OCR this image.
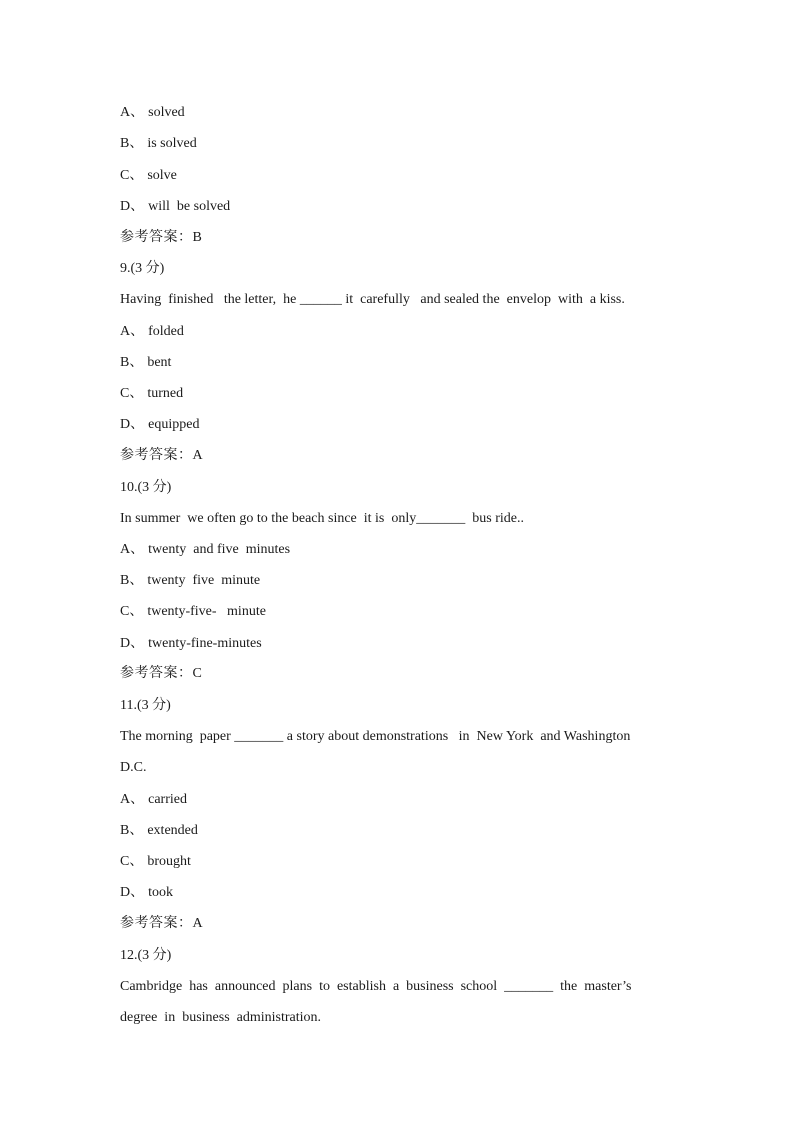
A、 solved
B、 is solved
C、 solve
D、 will  be solved
参考答案：B
9.(3 分)
Having  finished   the letter,  he ______ it  carefully   and sealed the  envelop  with  a kiss.
A、 folded
B、 bent
C、 turned
D、 equipped
参考答案：A
10.(3 分)
In summer  we often go to the beach since  it is  only_______  bus ride..
A、 twenty  and five  minutes
B、 twenty  five  minute
C、 twenty-five-   minute
D、 twenty-fine-minutes
参考答案：C
11.(3 分)
The morning  paper _______ a story about demonstrations   in  New York  and Washington
D.C.
A、 carried
B、 extended
C、 brought
D、 took
参考答案：A
12.(3 分)
Cambridge  has  announced  plans  to  establish  a  business  school  _______  the  master’s
degree  in  business  administration.
